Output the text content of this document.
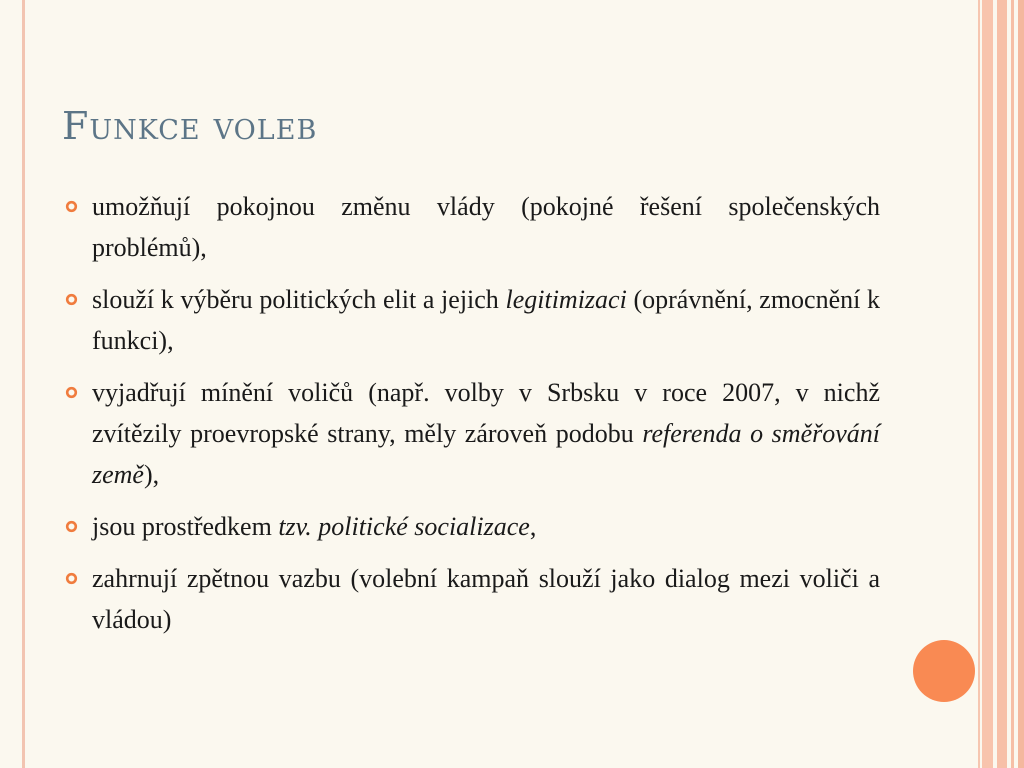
Funkce voleb
umožňují pokojnou změnu vlády (pokojné řešení společenských problémů),
slouží k výběru politických elit a jejich legitimizaci (oprávnění, zmocnění k funkci),
vyjadřují mínění voličů (např. volby v Srbsku v roce 2007, v nichž zvítězily proevropské strany, měly zároveň podobu referenda o směřování země),
jsou prostředkem tzv. politické socializace,
zahrnují zpětnou vazbu (volební kampaň slouží jako dialog mezi voliči a vládou)
